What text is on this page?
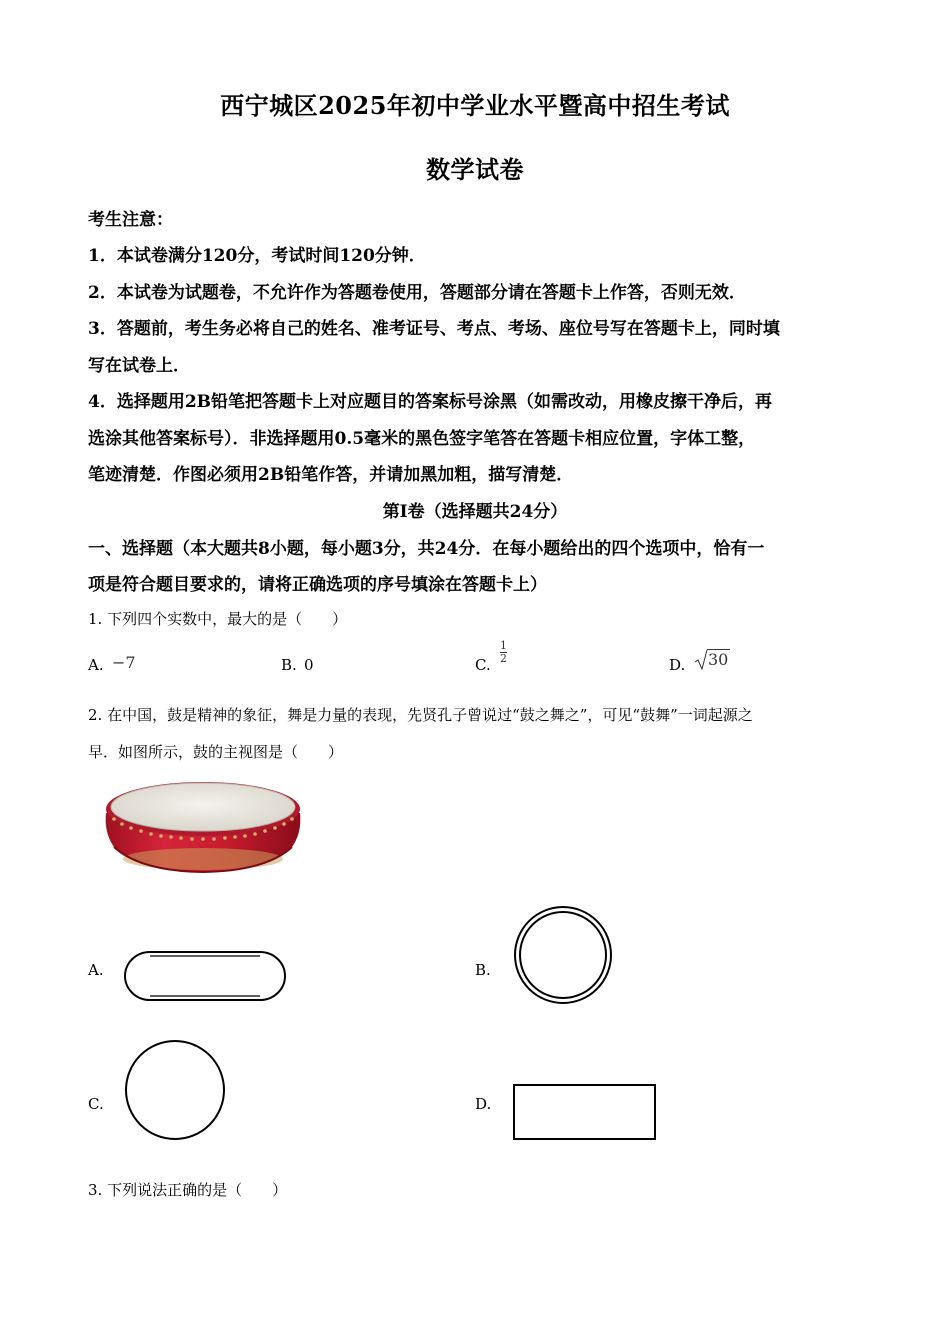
西宁城区2025年初中学业水平暨高中招生考试
数学试卷
考生注意：
1．本试卷满分120分，考试时间120分钟．
2．本试卷为试题卷，不允许作为答题卷使用，答题部分请在答题卡上作答，否则无效．
3．答题前，考生务必将自己的姓名、准考证号、考点、考场、座位号写在答题卡上，同时填
写在试卷上．
4．选择题用2B铅笔把答题卡上对应题目的答案标号涂黑（如需改动，用橡皮擦干净后，再
选涂其他答案标号）．非选择题用0.5毫米的黑色签字笔答在答题卡相应位置，字体工整，
笔迹清楚．作图必须用2B铅笔作答，并请加黑加粗，描写清楚．
第I卷（选择题共24分）
一、选择题（本大题共8小题，每小题3分，共24分．在每小题给出的四个选项中，恰有一
项是符合题目要求的，请将正确选项的序号填涂在答题卡上）
1. 下列四个实数中，最大的是（　　）
A. −7	B. 0	C. $\frac{1}{2}$	D. 30
2. 在中国，鼓是精神的象征，舞是力量的表现，先贤孔子曾说过“鼓之舞之”，可见“鼓舞”一词起源之
早．如图所示，鼓的主视图是（　　）
A.	B.
C.	D.
3. 下列说法正确的是（　　）
